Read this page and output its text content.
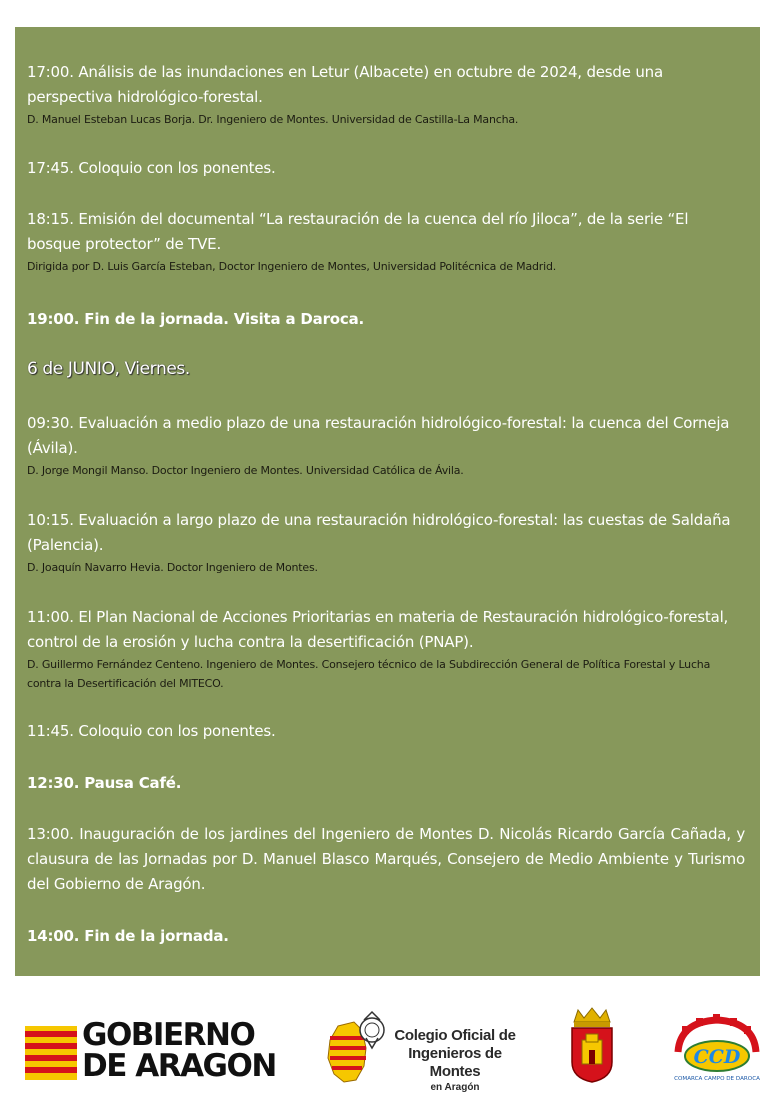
17:00. Análisis de las inundaciones en Letur (Albacete) en octubre de 2024, desde una perspectiva hidrológico-forestal.
D. Manuel Esteban Lucas Borja. Dr. Ingeniero de Montes. Universidad de Castilla-La Mancha.
17:45. Coloquio con los ponentes.
18:15. Emisión del documental “La restauración de la cuenca del río Jiloca”, de la serie “El bosque protector” de TVE.
Dirigida por D. Luis García Esteban, Doctor Ingeniero de Montes, Universidad Politécnica de Madrid.
19:00. Fin de la jornada. Visita a Daroca.
6 de JUNIO, Viernes.
09:30. Evaluación a medio plazo de una restauración hidrológico-forestal: la cuenca del Corneja (Ávila).
D. Jorge Mongil Manso. Doctor Ingeniero de Montes. Universidad Católica de Ávila.
10:15. Evaluación a largo plazo de una restauración hidrológico-forestal: las cuestas de Saldaña (Palencia).
D. Joaquín Navarro Hevia. Doctor Ingeniero de Montes.
11:00. El Plan Nacional de Acciones Prioritarias en materia de Restauración hidrológico-forestal, control de la erosión y lucha contra la desertificación (PNAP).
D. Guillermo Fernández Centeno. Ingeniero de Montes. Consejero técnico de la Subdirección General de Política Forestal y Lucha contra la Desertificación del MITECO.
11:45. Coloquio con los ponentes.
12:30. Pausa Café.
13:00. Inauguración de los jardines del Ingeniero de Montes D. Nicolás Ricardo García Cañada, y clausura de las Jornadas por D. Manuel Blasco Marqués, Consejero de Medio Ambiente y Turismo del Gobierno de Aragón.
14:00. Fin de la jornada.
GOBIERNO
DE ARAGON
Colegio Oficial de
Ingenieros de Montes
en Aragón
CCD
COMARCA CAMPO DE DAROCA
